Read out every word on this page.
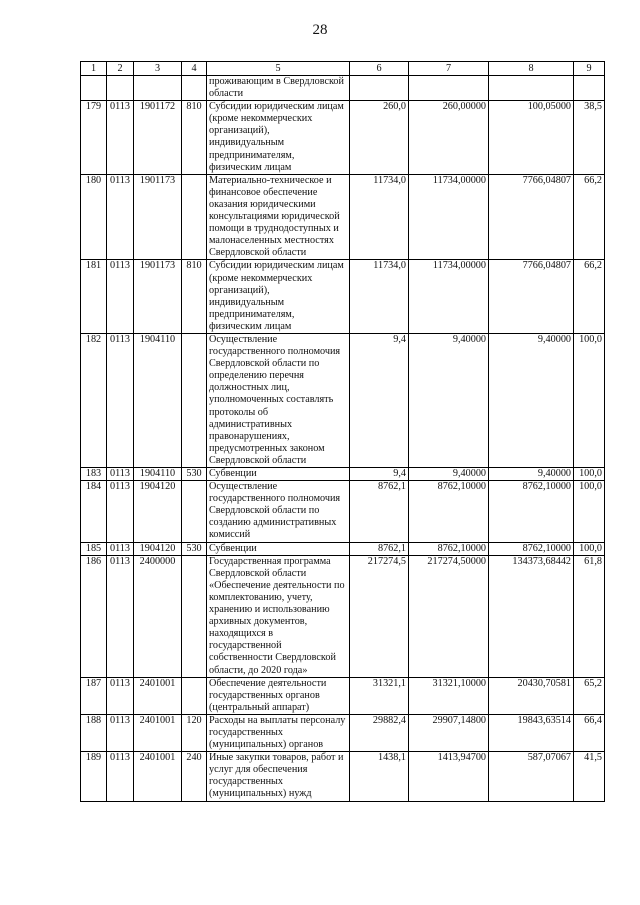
28
1	2	3	4	5	6	7	8	9
				проживающим в Свердловской области				
179	0113	1901172	810	Субсидии юридическим лицам (кроме некоммерческих организаций), индивидуальным предпринимателям, физическим лицам	260,0	260,00000	100,05000	38,5
180	0113	1901173		Материально-техническое и финансовое обеспечение оказания юридическими консультациями юридической помощи в труднодоступных и малонаселенных местностях Свердловской области	11734,0	11734,00000	7766,04807	66,2
181	0113	1901173	810	Субсидии юридическим лицам (кроме некоммерческих организаций), индивидуальным предпринимателям, физическим лицам	11734,0	11734,00000	7766,04807	66,2
182	0113	1904110		Осуществление государственного полномочия Свердловской области по определению перечня должностных лиц, уполномоченных составлять протоколы об административных правонарушениях, предусмотренных законом Свердловской области	9,4	9,40000	9,40000	100,0
183	0113	1904110	530	Субвенции	9,4	9,40000	9,40000	100,0
184	0113	1904120		Осуществление государственного полномочия Свердловской области по созданию административных комиссий	8762,1	8762,10000	8762,10000	100,0
185	0113	1904120	530	Субвенции	8762,1	8762,10000	8762,10000	100,0
186	0113	2400000		Государственная программа Свердловской области «Обеспечение деятельности по комплектованию, учету, хранению и использованию архивных документов, находящихся в государственной собственности Свердловской области, до 2020 года»	217274,5	217274,50000	134373,68442	61,8
187	0113	2401001		Обеспечение деятельности государственных органов (центральный аппарат)	31321,1	31321,10000	20430,70581	65,2
188	0113	2401001	120	Расходы на выплаты персоналу государственных (муниципальных) органов	29882,4	29907,14800	19843,63514	66,4
189	0113	2401001	240	Иные закупки товаров, работ и услуг для обеспечения государственных (муниципальных) нужд	1438,1	1413,94700	587,07067	41,5
